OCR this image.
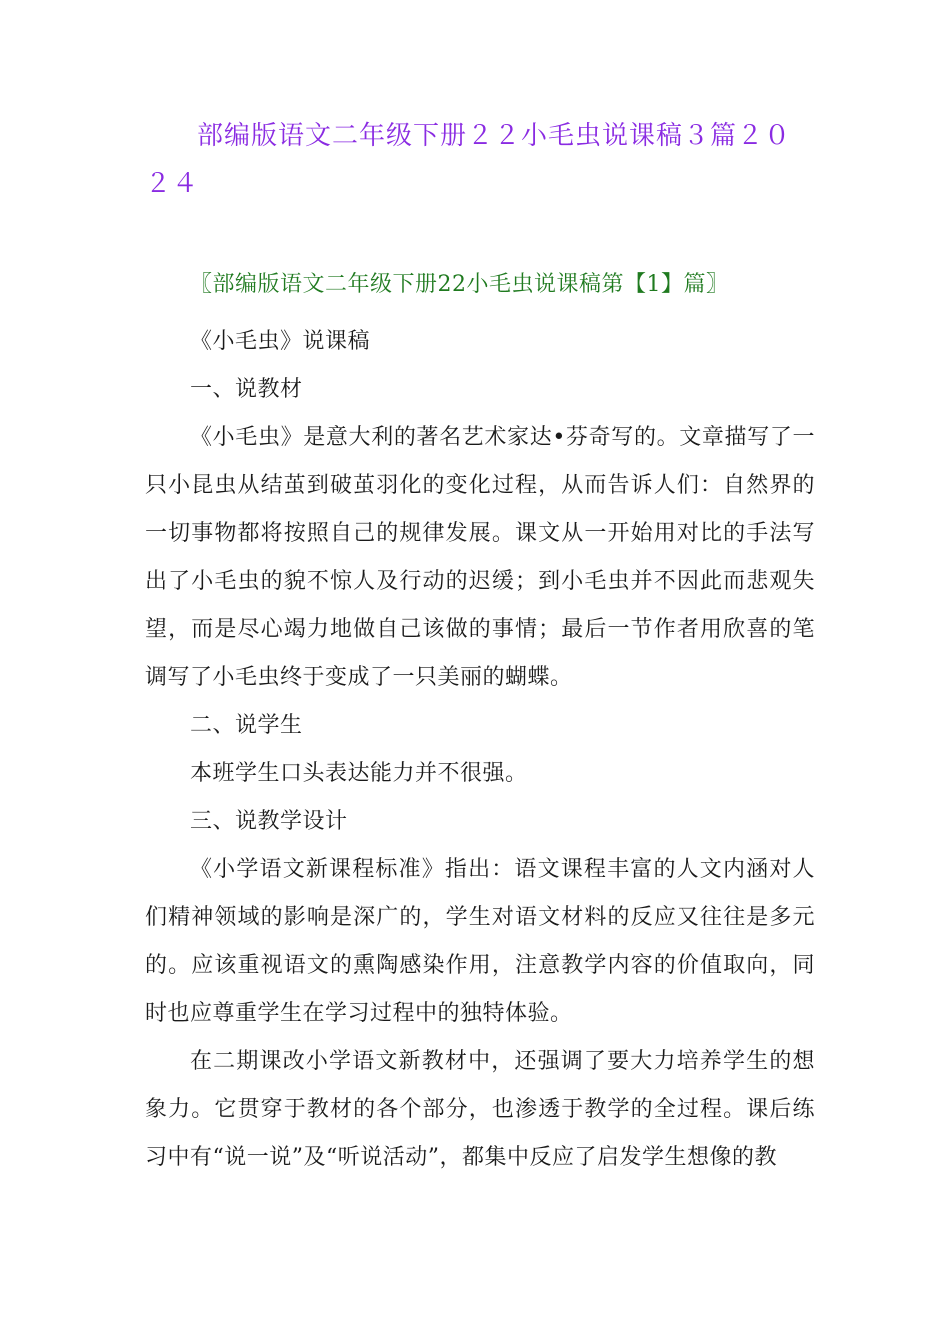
部编版语文二年级下册２２小毛虫说课稿３篇２０２４
〖部编版语文二年级下册22小毛虫说课稿第【1】篇〗

《小毛虫》说课稿

一、说教材

《小毛虫》是意大利的著名艺术家达•芬奇写的。文章描写了一只小昆虫从结茧到破茧羽化的变化过程，从而告诉人们：自然界的一切事物都将按照自己的规律发展。课文从一开始用对比的手法写出了小毛虫的貌不惊人及行动的迟缓；到小毛虫并不因此而悲观失望，而是尽心竭力地做自己该做的事情；最后一节作者用欣喜的笔调写了小毛虫终于变成了一只美丽的蝴蝶。

二、说学生

本班学生口头表达能力并不很强。

三、说教学设计

《小学语文新课程标准》指出：语文课程丰富的人文内涵对人们精神领域的影响是深广的，学生对语文材料的反应又往往是多元的。应该重视语文的熏陶感染作用，注意教学内容的价值取向，同时也应尊重学生在学习过程中的独特体验。

在二期课改小学语文新教材中，还强调了要大力培养学生的想象力。它贯穿于教材的各个部分，也渗透于教学的全过程。课后练习中有“说一说”及“听说活动”，都集中反应了启发学生想像的教
